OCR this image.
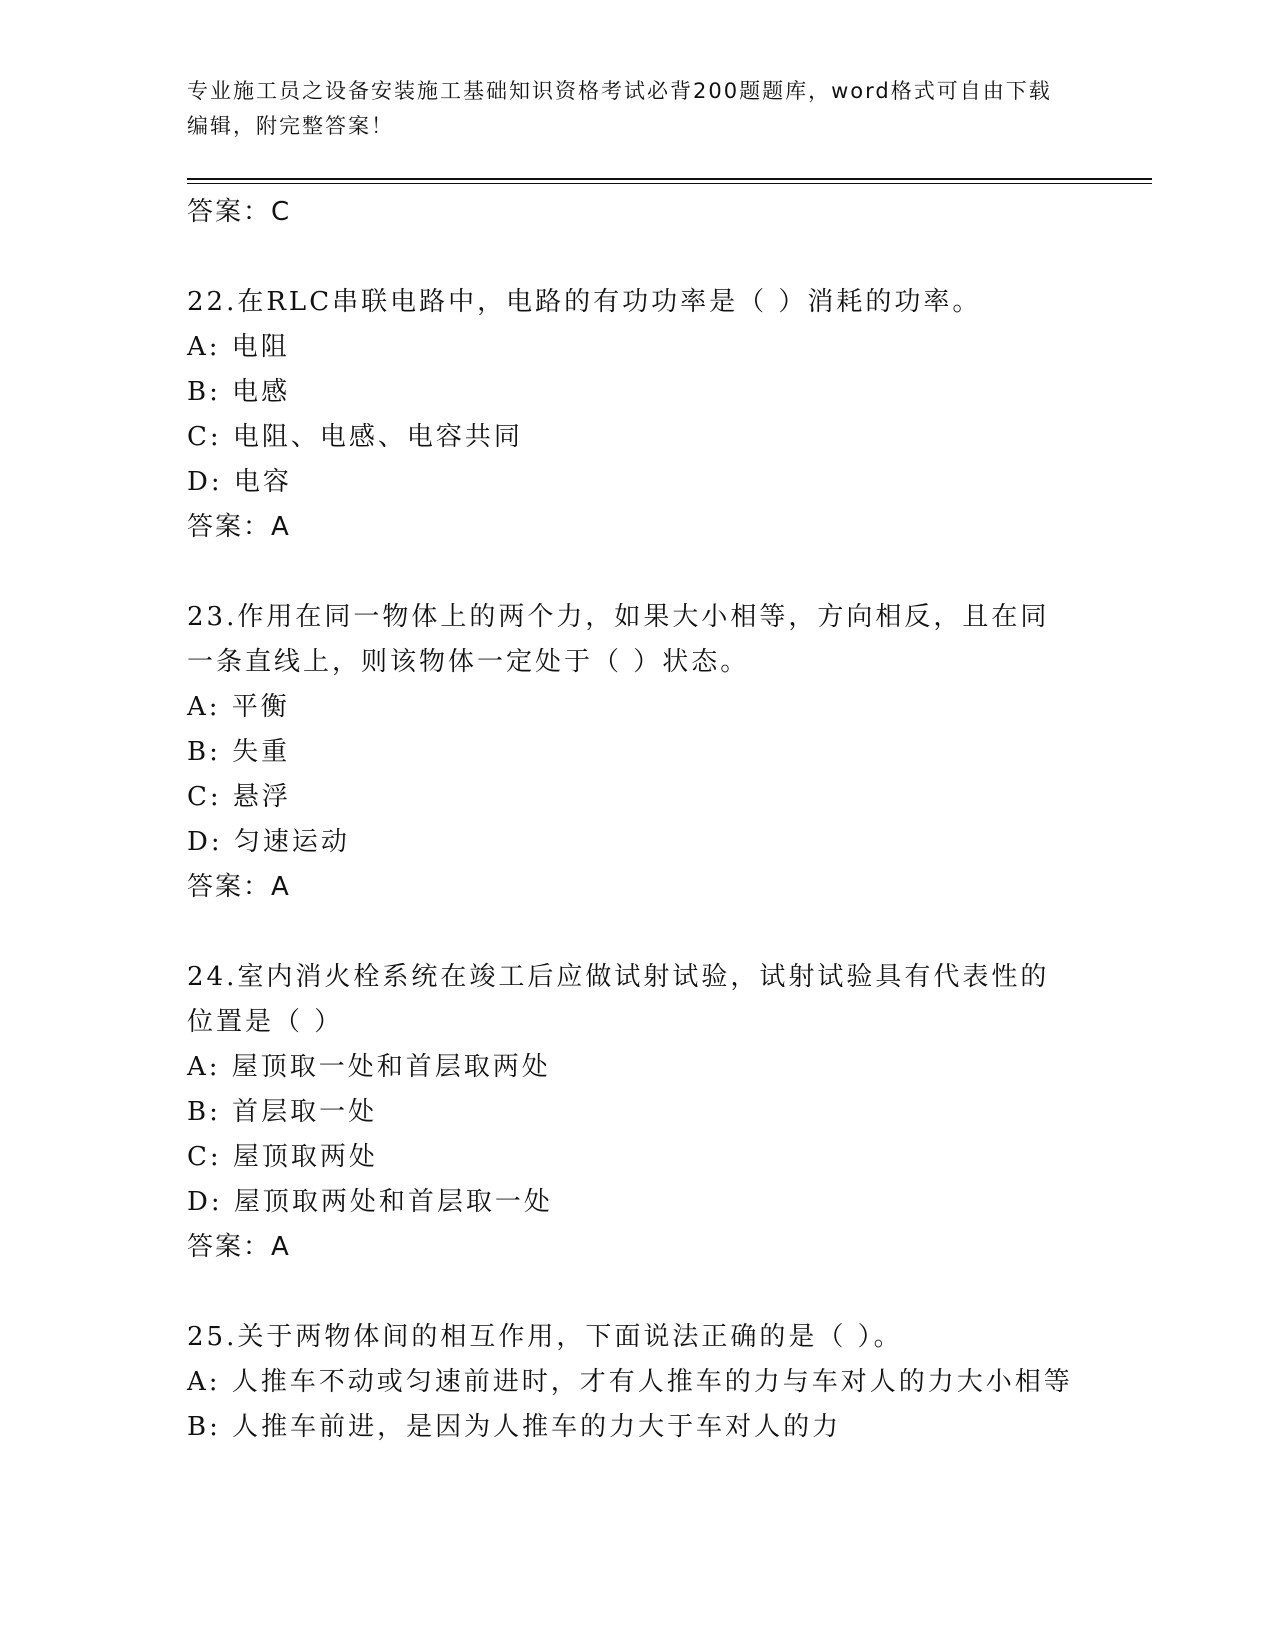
专业施工员之设备安装施工基础知识资格考试必背200题题库，word格式可自由下载编辑，附完整答案！
答案：C
22.在RLC串联电路中，电路的有功功率是（ ）消耗的功率。
A: 电阻
B: 电感
C: 电阻、电感、电容共同
D: 电容
答案：A
23.作用在同一物体上的两个力，如果大小相等，方向相反，且在同一条直线上，则该物体一定处于（ ）状态。
A: 平衡
B: 失重
C: 悬浮
D: 匀速运动
答案：A
24.室内消火栓系统在竣工后应做试射试验，试射试验具有代表性的位置是（ ）
A: 屋顶取一处和首层取两处
B: 首层取一处
C: 屋顶取两处
D: 屋顶取两处和首层取一处
答案：A
25.关于两物体间的相互作用，下面说法正确的是（ ）。
A: 人推车不动或匀速前进时，才有人推车的力与车对人的力大小相等
B: 人推车前进，是因为人推车的力大于车对人的力
